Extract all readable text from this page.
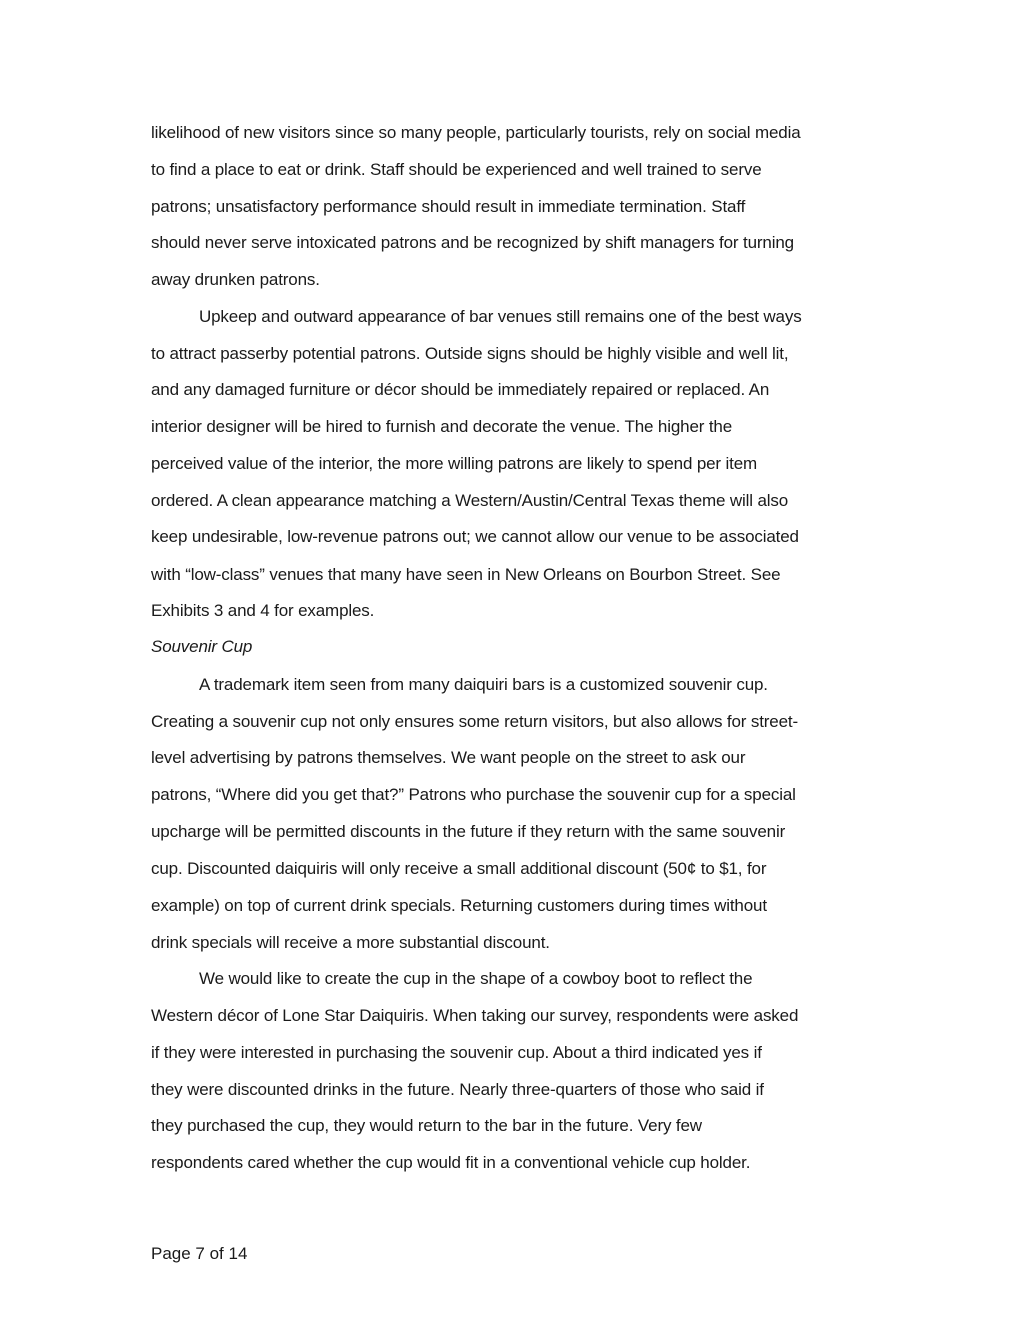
likelihood of new visitors since so many people, particularly tourists, rely on social media
to find a place to eat or drink. Staff should be experienced and well trained to serve
patrons; unsatisfactory performance should result in immediate termination. Staff
should never serve intoxicated patrons and be recognized by shift managers for turning
away drunken patrons.
Upkeep and outward appearance of bar venues still remains one of the best ways
to attract passerby potential patrons. Outside signs should be highly visible and well lit,
and any damaged furniture or décor should be immediately repaired or replaced. An
interior designer will be hired to furnish and decorate the venue. The higher the
perceived value of the interior, the more willing patrons are likely to spend per item
ordered. A clean appearance matching a Western/Austin/Central Texas theme will also
keep undesirable, low-revenue patrons out; we cannot allow our venue to be associated
with “low-class” venues that many have seen in New Orleans on Bourbon Street. See
Exhibits 3 and 4 for examples.
Souvenir Cup
A trademark item seen from many daiquiri bars is a customized souvenir cup.
Creating a souvenir cup not only ensures some return visitors, but also allows for street-
level advertising by patrons themselves. We want people on the street to ask our
patrons, “Where did you get that?” Patrons who purchase the souvenir cup for a special
upcharge will be permitted discounts in the future if they return with the same souvenir
cup. Discounted daiquiris will only receive a small additional discount (50¢ to $1, for
example) on top of current drink specials. Returning customers during times without
drink specials will receive a more substantial discount.
We would like to create the cup in the shape of a cowboy boot to reflect the
Western décor of Lone Star Daiquiris. When taking our survey, respondents were asked
if they were interested in purchasing the souvenir cup. About a third indicated yes if
they were discounted drinks in the future. Nearly three-quarters of those who said if
they purchased the cup, they would return to the bar in the future. Very few
respondents cared whether the cup would fit in a conventional vehicle cup holder.
Page 7 of 14
